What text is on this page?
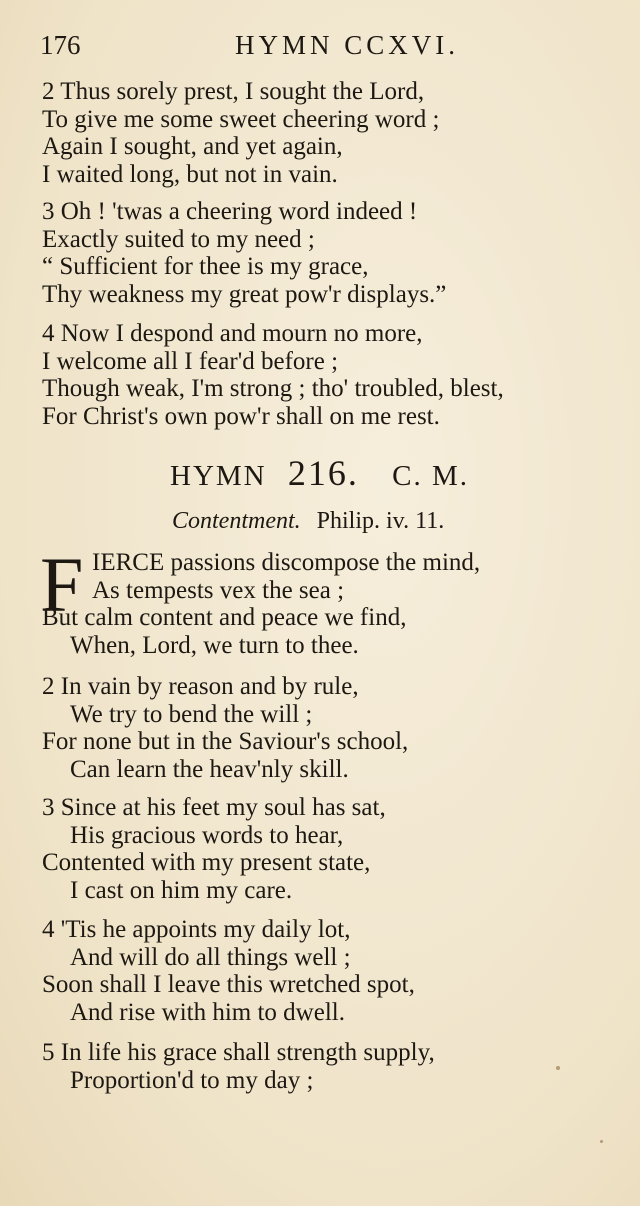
176	HYMN CCXVI.
2 Thus sorely prest, I sought the Lord,
To give me some sweet cheering word ;
Again I sought, and yet again,
I waited long, but not in vain.
3 Oh ! 'twas a cheering word indeed !
Exactly suited to my need ;
“ Sufficient for thee is my grace,
Thy weakness my great pow'r displays.”
4 Now I despond and mourn no more,
I welcome all I fear'd before ;
Though weak, I'm strong ; tho' troubled, blest,
For Christ's own pow'r shall on me rest.
HYMN 216. C. M.
Contentment. Philip. iv. 11.
F IERCE passions discompose the mind,
As tempests vex the sea ;
But calm content and peace we find,
When, Lord, we turn to thee.
2 In vain by reason and by rule,
We try to bend the will ;
For none but in the Saviour's school,
Can learn the heav'nly skill.
3 Since at his feet my soul has sat,
His gracious words to hear,
Contented with my present state,
I cast on him my care.
4 'Tis he appoints my daily lot,
And will do all things well ;
Soon shall I leave this wretched spot,
And rise with him to dwell.
5 In life his grace shall strength supply,
Proportion'd to my day ;
